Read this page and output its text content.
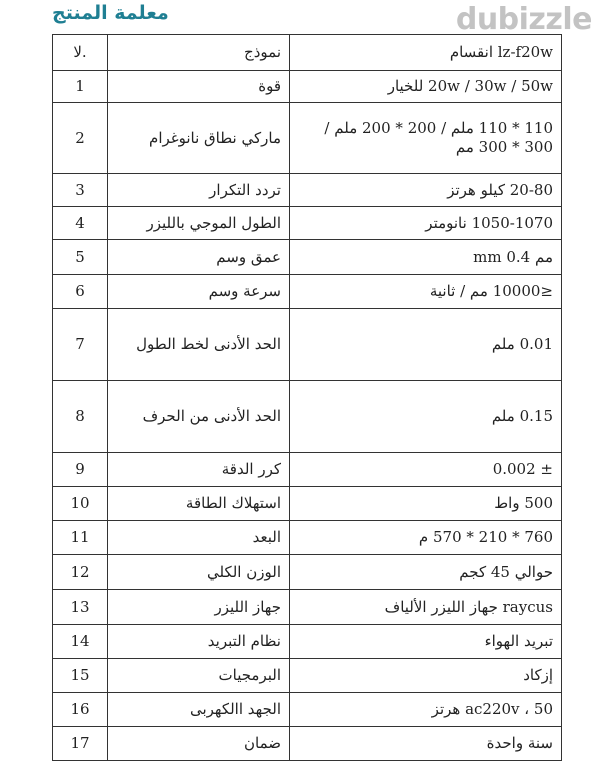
معلمة المنتج	dubizzle
لا.	نموذج	lz-f20w انقسام
1	قوة	20w / 30w / 50w للخيار
2	ماركي نطاق نانوغرام	110 * 110 ملم / 200 * 200 ملم / 300 * 300 مم
3	تردد التكرار	20-80 كيلو هرتز
4	الطول الموجي بالليزر	1050-1070 نانومتر
5	عمق وسم	مم 0.4 mm
6	سرعة وسم	≤10000 مم / ثانية
7	الحد الأدنى لخط الطول	0.01 ملم
8	الحد الأدنى من الحرف	0.15 ملم
9	كرر الدقة	± 0.002
10	استهلاك الطاقة	500 واط
11	البعد	760 * 210 * 570 م
12	الوزن الكلي	حوالي 45 كجم
13	جهاز الليزر	raycus جهاز الليزر الألياف
14	نظام التبريد	تبريد الهواء
15	البرمجيات	إزكاد
16	الجهد االكهربى	ac220v ، 50 هرتز
17	ضمان	سنة واحدة
